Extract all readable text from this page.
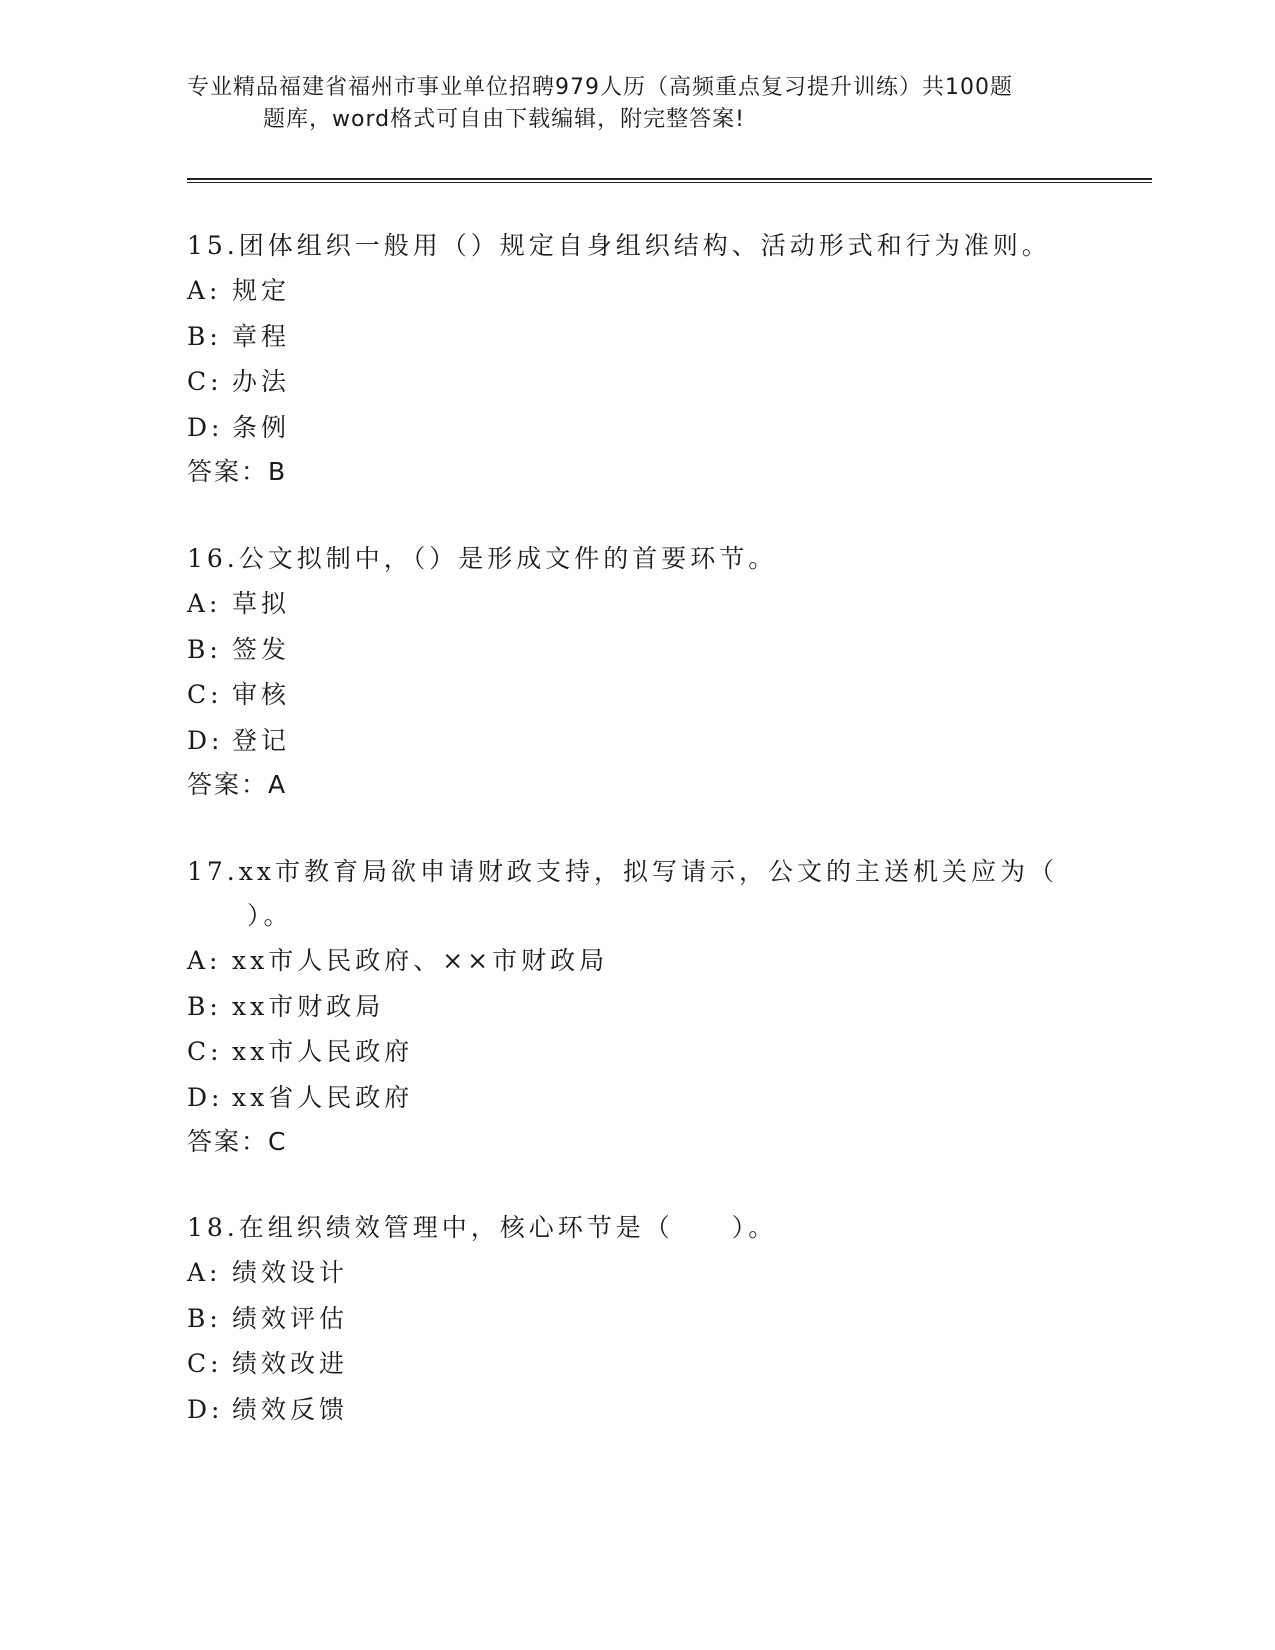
专业精品福建省福州市事业单位招聘979人历（高频重点复习提升训练）共100题
题库，word格式可自由下载编辑，附完整答案!

15.团体组织一般用（）规定自身组织结构、活动形式和行为准则。

A: 规定

B: 章程

C: 办法

D: 条例

答案：B

16.公文拟制中，（）是形成文件的首要环节。

A: 草拟

B: 签发

C: 审核

D: 登记

答案：A

17.xx市教育局欲申请财政支持，拟写请示，公文的主送机关应为（
）。

A: xx市人民政府、××市财政局

B: xx市财政局

C: xx市人民政府

D: xx省人民政府

答案：C

18.在组织绩效管理中，核心环节是（　　）。

A: 绩效设计

B: 绩效评估

C: 绩效改进

D: 绩效反馈
